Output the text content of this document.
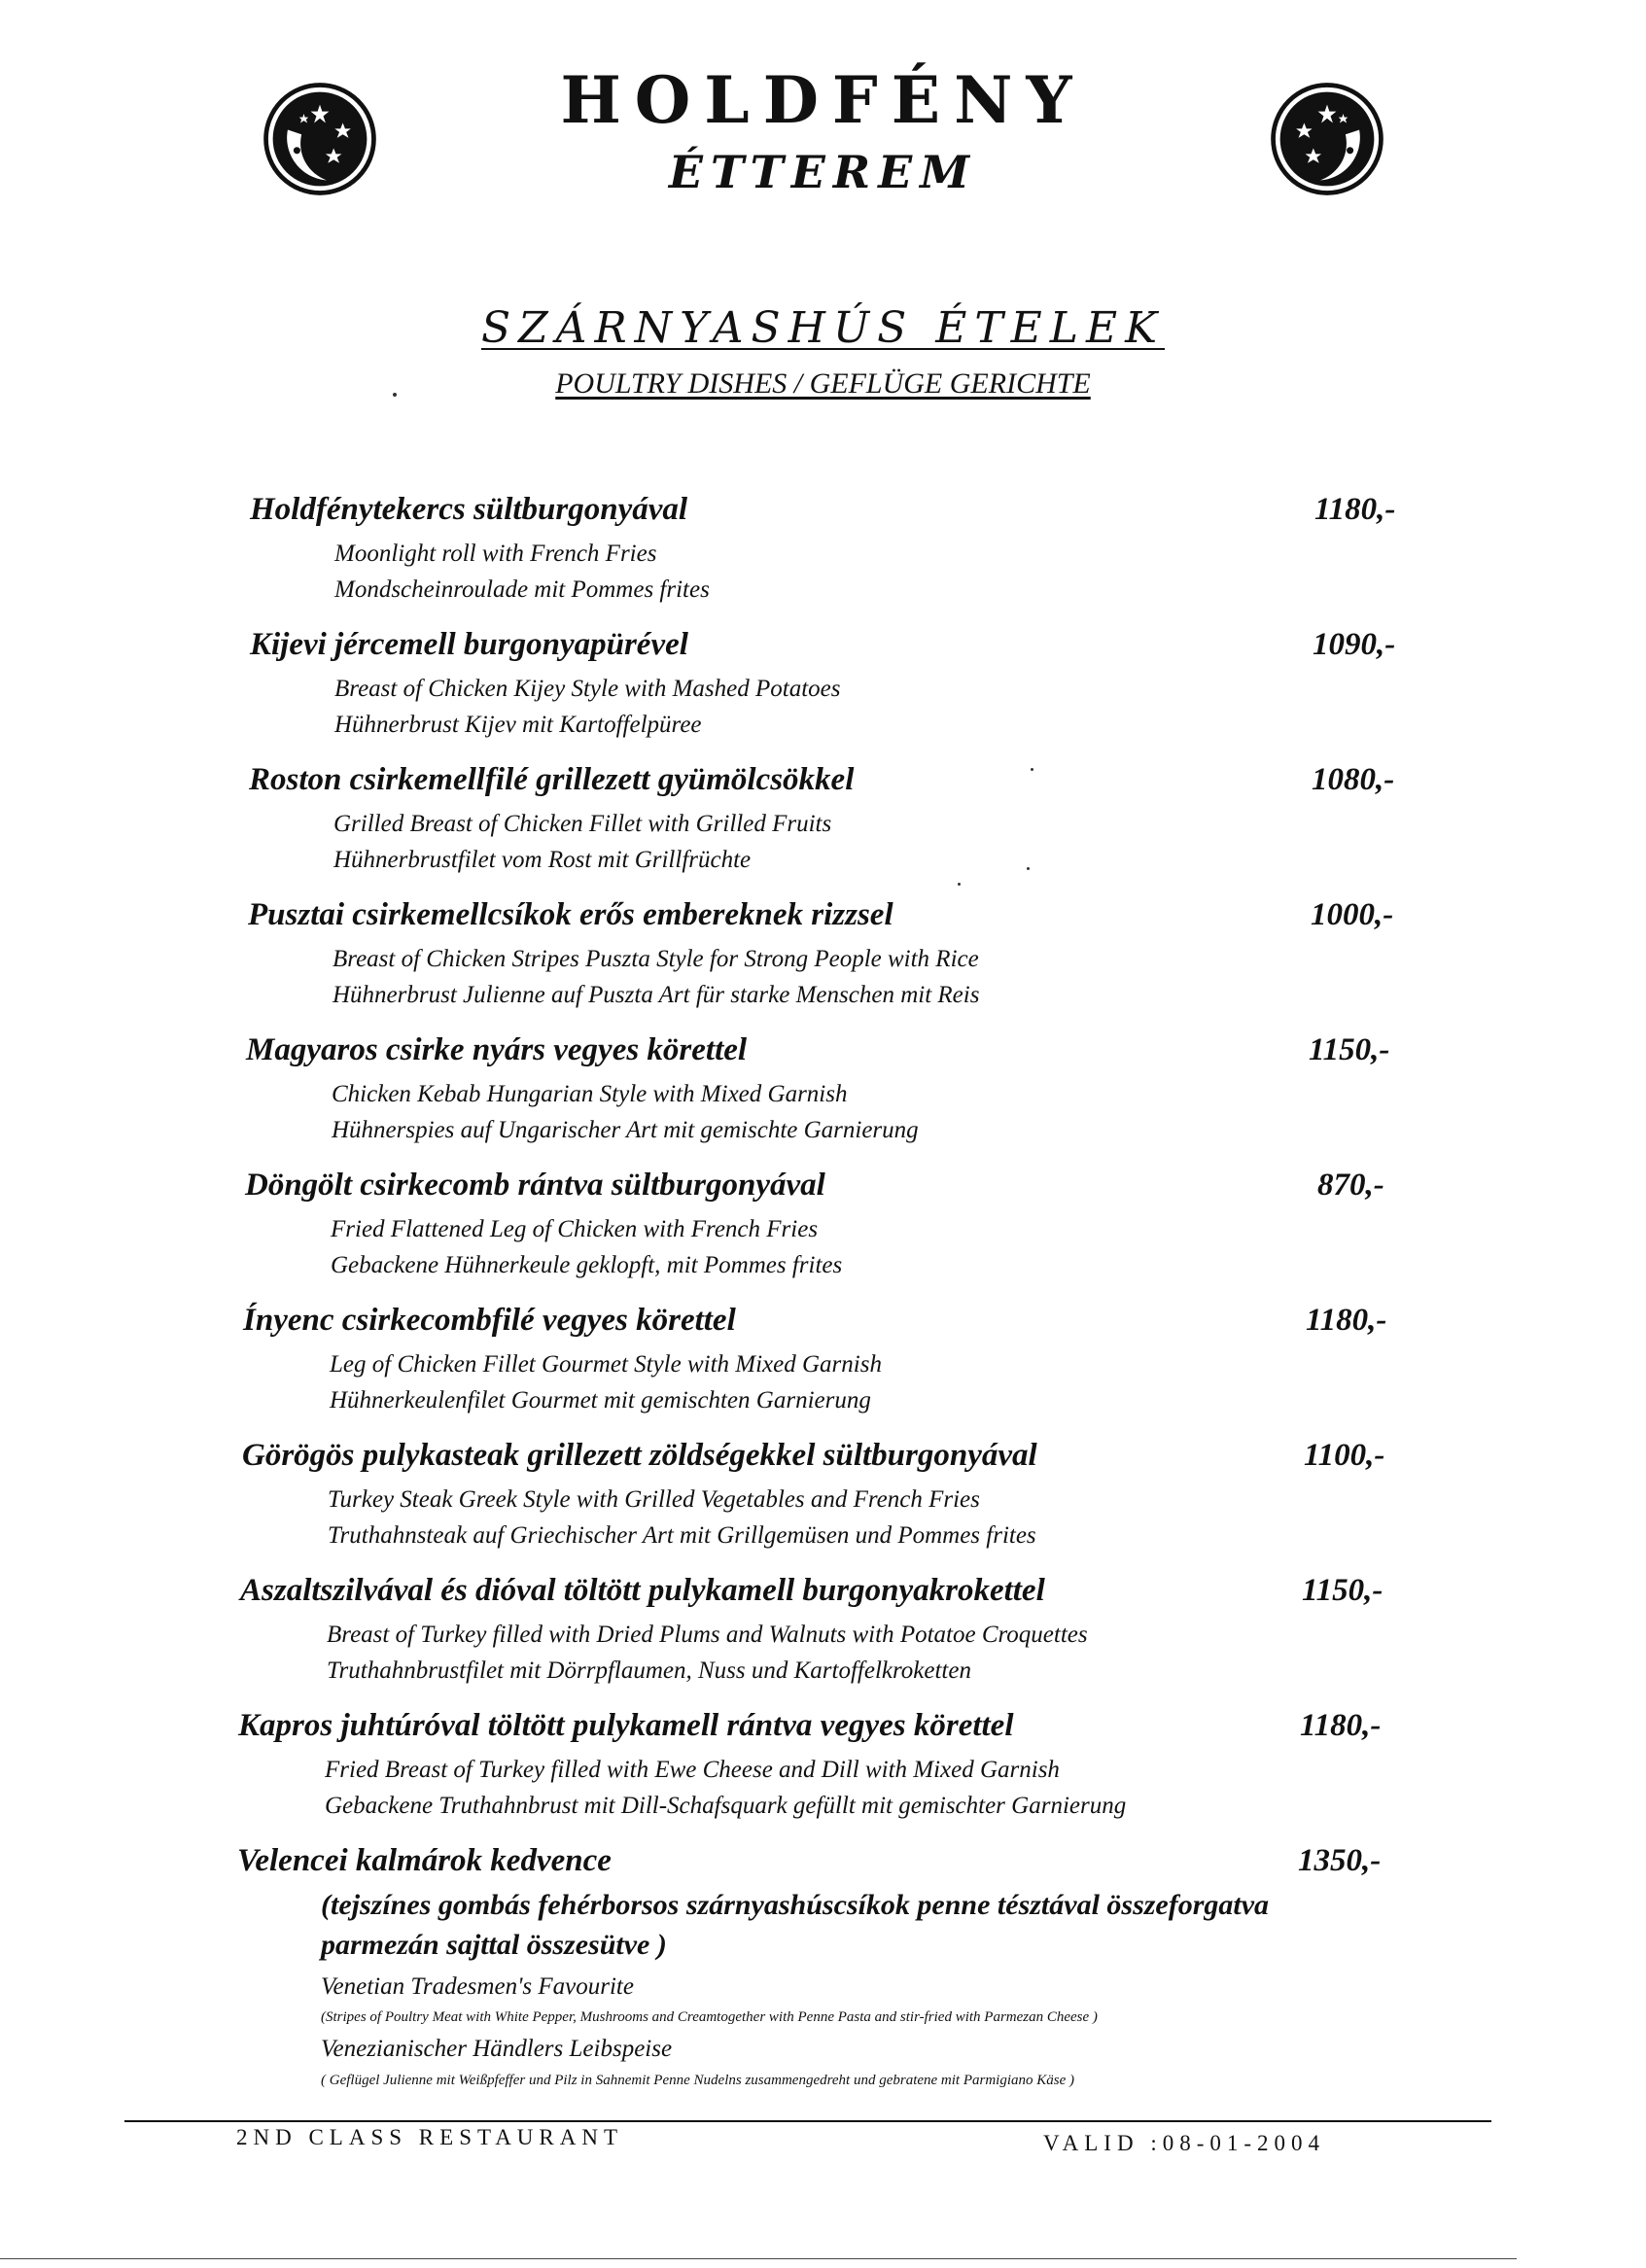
HOLDFÉNY
ÉTTEREM
SZÁRNYASHÚS ÉTELEK
POULTRY DISHES / GEFLÜGE GERICHTE
Holdfénytekercs sültburgonyával	1180,-
Moonlight roll with French Fries
Mondscheinroulade mit Pommes frites
Kijevi jércemell burgonyapürével	1090,-
Breast of Chicken Kijey Style with Mashed Potatoes
Hühnerbrust Kijev mit Kartoffelpüree
Roston csirkemellfilé grillezett gyümölcsökkel	1080,-
Grilled Breast of Chicken Fillet with Grilled Fruits
Hühnerbrustfilet vom Rost mit Grillfrüchte
Pusztai csirkemellcsíkok erős embereknek rizzsel	1000,-
Breast of Chicken Stripes Puszta Style for Strong People with Rice
Hühnerbrust Julienne auf Puszta Art für starke Menschen mit Reis
Magyaros csirke nyárs vegyes körettel	1150,-
Chicken Kebab Hungarian Style with Mixed Garnish
Hühnerspies auf Ungarischer Art mit gemischte Garnierung
Döngölt csirkecomb rántva sültburgonyával	870,-
Fried Flattened Leg of Chicken with French Fries
Gebackene Hühnerkeule geklopft, mit Pommes frites
Ínyenc csirkecombfilé vegyes körettel	1180,-
Leg of Chicken Fillet Gourmet Style with Mixed Garnish
Hühnerkeulenfilet Gourmet mit gemischten Garnierung
Görögös pulykasteak grillezett zöldségekkel sültburgonyával	1100,-
Turkey Steak Greek Style with Grilled Vegetables and French Fries
Truthahnsteak auf Griechischer Art mit Grillgemüsen und Pommes frites
Aszaltszilvával és dióval töltött pulykamell burgonyakrokettel	1150,-
Breast of Turkey filled with Dried Plums and Walnuts with Potatoe Croquettes
Truthahnbrustfilet mit Dörrpflaumen, Nuss und Kartoffelkroketten
Kapros juhtúróval töltött pulykamell rántva vegyes körettel	1180,-
Fried Breast of Turkey filled with Ewe Cheese and Dill with Mixed Garnish
Gebackene Truthahnbrust mit Dill-Schafsquark gefüllt mit gemischter Garnierung
Velencei kalmárok kedvence	1350,-
(tejszínes gombás fehérborsos szárnyashúscsíkok penne tésztával összeforgatva
parmezán sajttal összesütve )
Venetian Tradesmen's Favourite
(Stripes of Poultry Meat with White Pepper, Mushrooms and Creamtogether with Penne Pasta and stir-fried with Parmezan Cheese )
Venezianischer Händlers Leibspeise
( Geflügel Julienne mit Weißpfeffer und Pilz in Sahnemit Penne Nudelns zusammengedreht und gebratene mit Parmigiano Käse )
2ND CLASS RESTAURANT	VALID :08-01-2004
